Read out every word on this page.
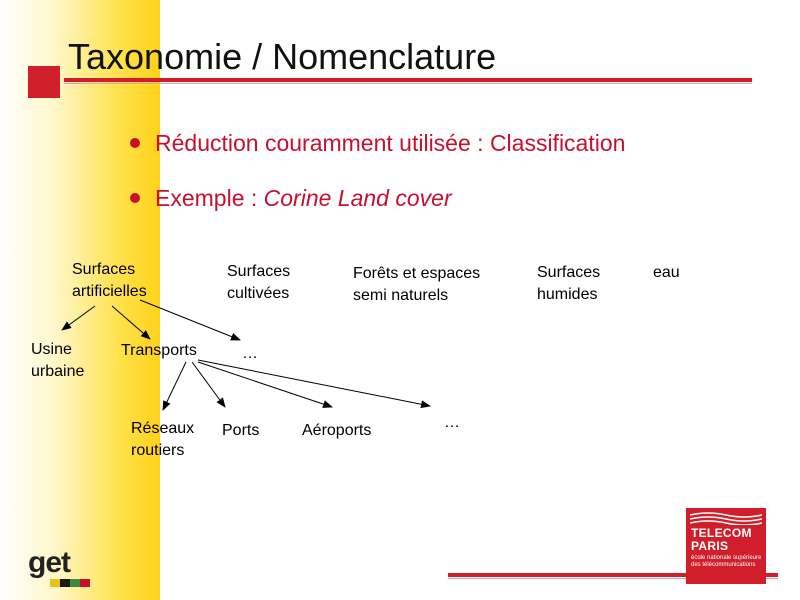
Taxonomie / Nomenclature
Réduction couramment utilisée : Classification
Exemple : Corine Land cover
Surfaces
artificielles
Surfaces
cultivées
Forêts et espaces
semi naturels
Surfaces
humides
eau
Usine
urbaine
Transports	…
Réseaux
routiers
Ports	Aéroports	…
get
TELECOM
PARIS
école nationale supérieure des télécommunications
